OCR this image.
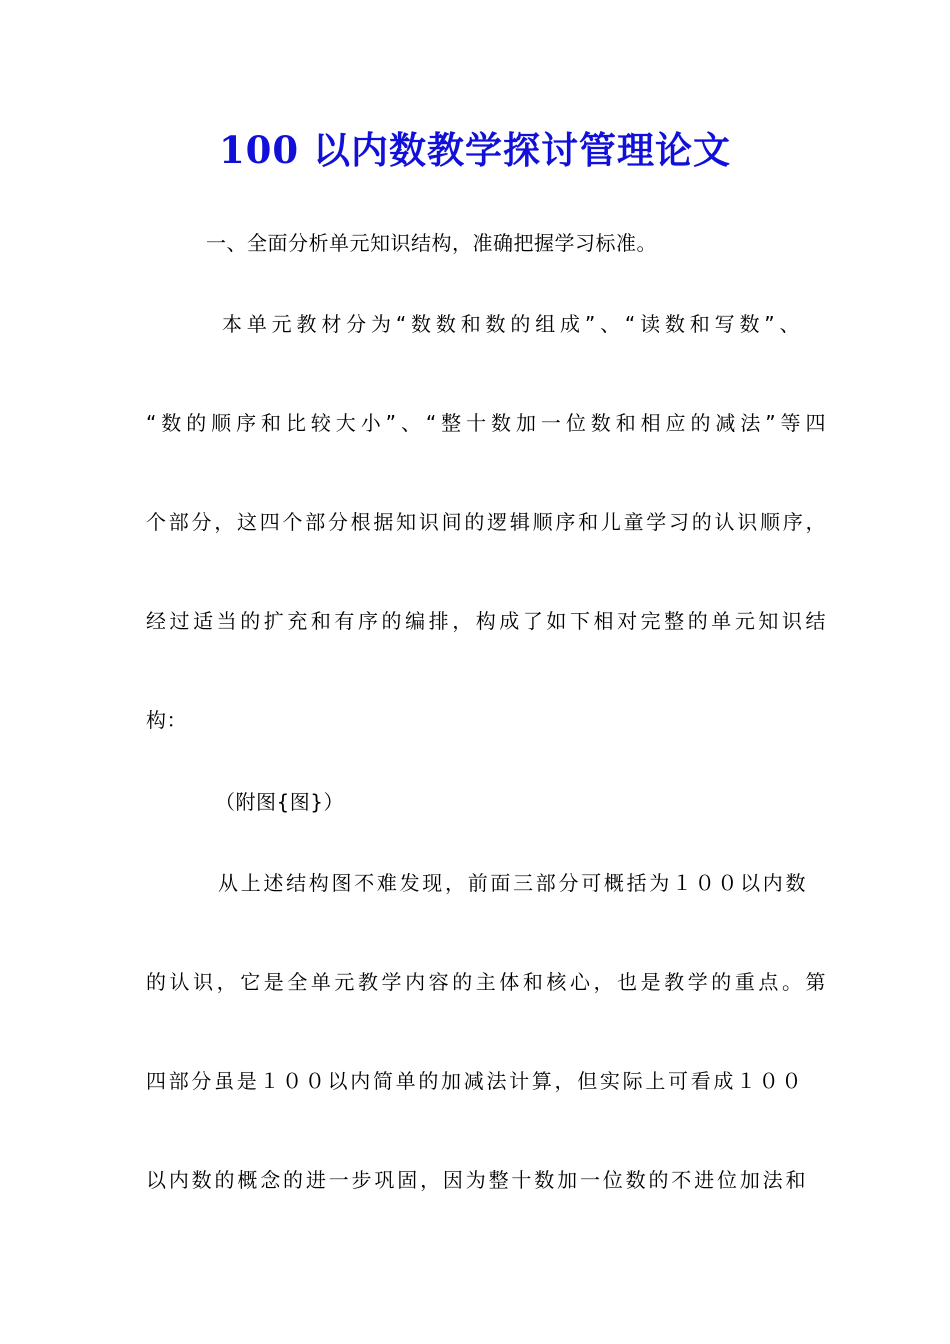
100 以内数教学探讨管理论文
一、全面分析单元知识结构，准确把握学习标准。
本单元教材分为“数数和数的组成”、“读数和写数”、
“数的顺序和比较大小”、“整十数加一位数和相应的减法”等四
个部分，这四个部分根据知识间的逻辑顺序和儿童学习的认识顺序，
经过适当的扩充和有序的编排，构成了如下相对完整的单元知识结
构：
（附图{图}）
从上述结构图不难发现，前面三部分可概括为１００以内数
的认识，它是全单元教学内容的主体和核心，也是教学的重点。第
四部分虽是１００以内简单的加减法计算，但实际上可看成１００
以内数的概念的进一步巩固，因为整十数加一位数的不进位加法和
